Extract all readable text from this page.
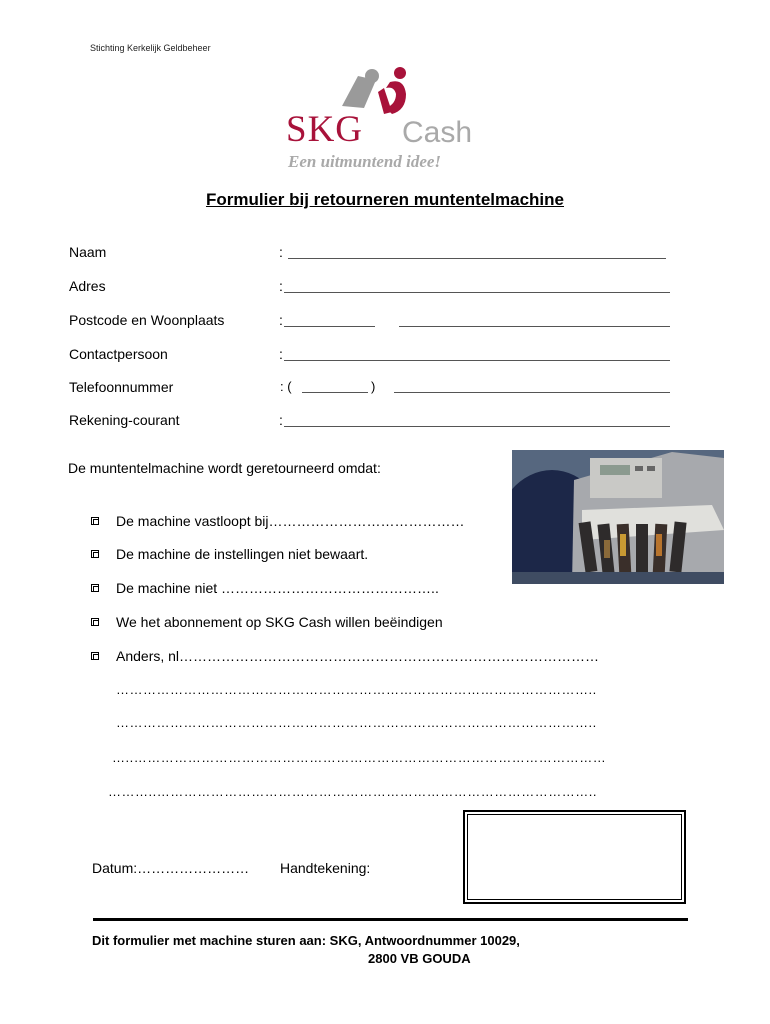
Stichting Kerkelijk Geldbeheer
SKG Cash
Een uitmuntend idee!
Formulier bij retourneren muntentelmachine
Naam	:
Adres	:
Postcode en Woonplaats	:
Contactpersoon	:
Telefoonnummer	: (	)
Rekening-courant	:
De muntentelmachine wordt geretourneerd omdat:
De machine vastloopt bij……………………………………
De machine de instellingen niet bewaart.
De machine niet ………………………………………..
We het abonnement op SKG Cash willen beëindigen
Anders, nl………………………………………………………………………………
……………………………………………………………………………………………..
……………………………………………………………………………………………..
…..……………………………………………………………………………………………
………..……………………………………………………………………………………..
Datum:…………………… Handtekening:
Dit formulier met machine sturen aan: SKG, Antwoordnummer 10029,
2800 VB GOUDA
